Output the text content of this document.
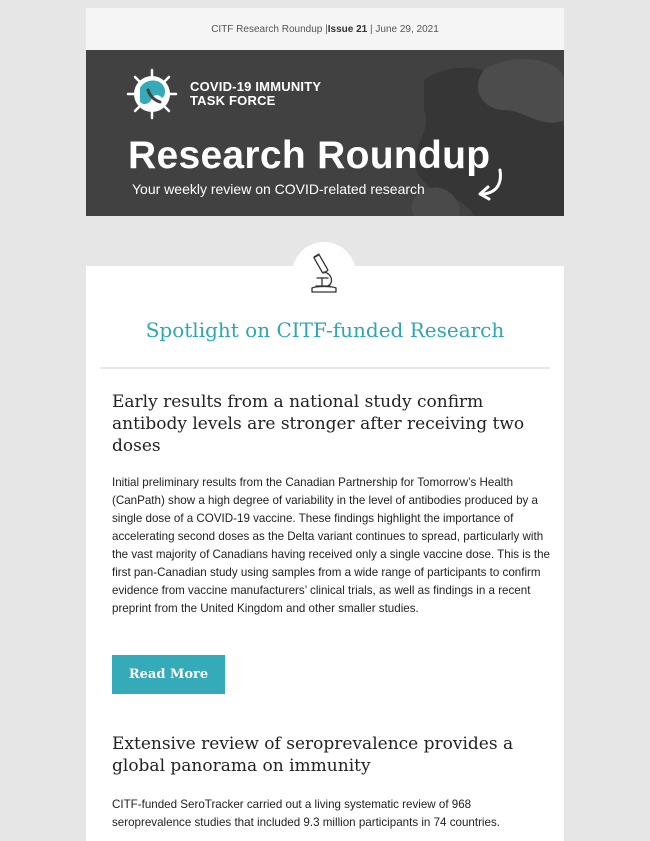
CITF Research Roundup |Issue 21 | June 29, 2021
COVID-19 IMMUNITY
TASK FORCE
Research Roundup
Your weekly review on COVID-related research
Spotlight on CITF-funded Research
Early results from a national study confirm antibody levels are stronger after receiving two doses
Initial preliminary results from the Canadian Partnership for Tomorrow’s Health (CanPath) show a high degree of variability in the level of antibodies produced by a single dose of a COVID-19 vaccine. These findings highlight the importance of accelerating second doses as the Delta variant continues to spread, particularly with the vast majority of Canadians having received only a single vaccine dose. This is the first pan-Canadian study using samples from a wide range of participants to confirm evidence from vaccine manufacturers’ clinical trials, as well as findings in a recent preprint from the United Kingdom and other smaller studies.
Read More
Extensive review of seroprevalence provides a global panorama on immunity
CITF-funded SeroTracker carried out a living systematic review of 968 seroprevalence studies that included 9.3 million participants in 74 countries.
